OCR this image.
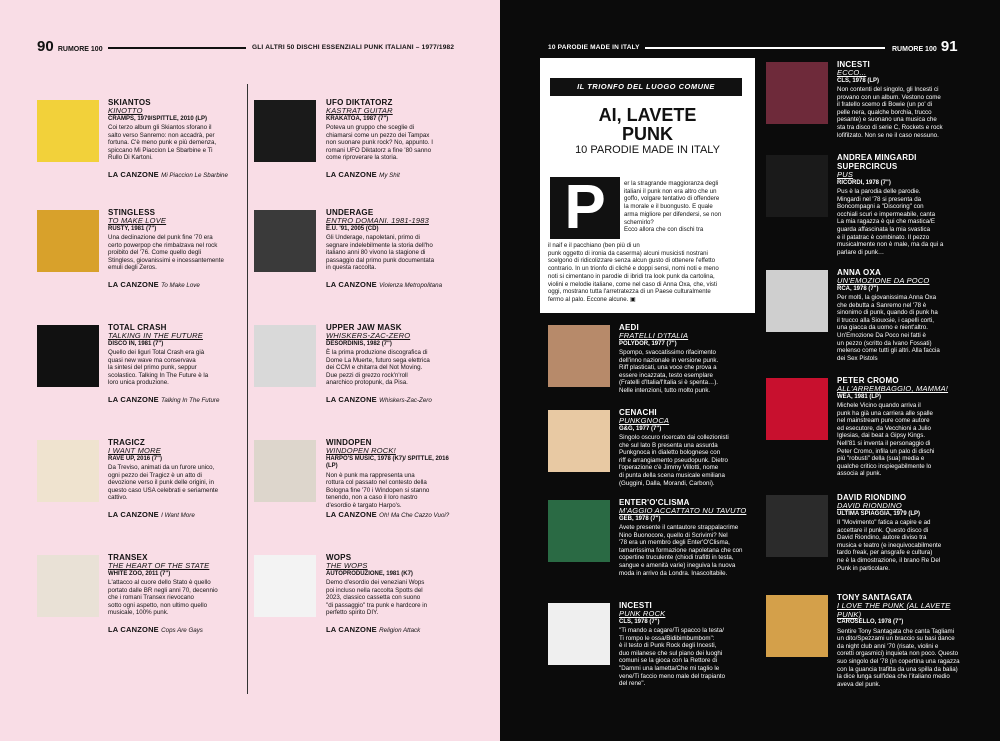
90 RUMORE 100	GLI ALTRI 50 DISCHI ESSENZIALI PUNK ITALIANI – 1977/1982	10 PARODIE MADE IN ITALY	RUMORE 100 91
SKIANTOS
KINOTTO
CRAMPS, 1979/SPITTLE, 2010 (LP)
Coi terzo album gli Skiantos sforano il
salto verso Sanremo: non accadrà, per
fortuna. C'è meno punk e più demenza,
spiccano Mi Piaccion Le Sbarbine e Ti
Rullo Di Kartoni.
LA CANZONE Mi Piaccion Le Sbarbine
STINGLESS
TO MAKE LOVE
RUSTY, 1981 (7")
Una declinazione del punk fine '70 era
certo powerpop che rimbalzava nel rock
proibito del '76. Come quello degli
Stingless, giovanissimi e incessantemente
emuli degli Zeros.
LA CANZONE To Make Love
TOTAL CRASH
TALKING IN THE FUTURE
DISCO IN, 1981 (7")
Quello dei liguri Total Crash era già
quasi new wave ma conservava
la sintesi del primo punk, seppur
scolastico. Talking In The Future è la
loro unica produzione.
LA CANZONE Talking In The Future
TRAGICZ
I WANT MORE
RAVE UP, 2016 (7")
Da Treviso, animati da un furore unico,
ogni pezzo dei Tragicz è un atto di
devozione verso il punk delle origini, in
questo caso USA celebrati e seriamente
cattivo.
LA CANZONE I Want More
TRANSEX
THE HEART OF THE STATE
WHITE ZOO, 2011 (7")
L'attacco al cuore dello Stato è quello
portato dalle BR negli anni 70, decennio
che i romani Transex rievocano
sotto ogni aspetto, non ultimo quello
musicale, 100% punk.
LA CANZONE Cops Are Gays
UFO DIKTATORZ
KASTRAT GUITAR
KRAKATOA, 1987 (7")
Poteva un gruppo che sceglie di
chiamarsi come un pezzo dei Tampax
non suonare punk rock? No, appunto. I
romani UFO Diktatorz a fine '80 sanno
come riproverare la storia.
LA CANZONE My Shit
UNDERAGE
ENTRO DOMANI. 1981-1983
E.U. '91, 2005 (CD)
Gli Underage, napoletani, primo di
segnare indelebilmente la storia dell'ho
italiano anni 80 vivono la stagione di
passaggio dal primo punk documentata
in questa raccolta.
LA CANZONE Violenza Metropolitana
UPPER JAW MASK
WHISKERS-ZAC-ZERO
DESORDINIS, 1982 (7")
È la prima produzione discografica di
Dome La Muerte, futuro sega elettrica
dei CCM e chitarra del Not Moving.
Due pezzi di grezzo rock'n'roll
anarchico protopunk, da Pisa.
LA CANZONE Whiskers-Zac-Zero
WINDOPEN
WINDOPEN ROCK!
HARPO'S MUSIC, 1978 (K7)/ SPITTLE, 2016 (LP)
Non è punk ma rappresenta una
rottura col passato nel contesto della
Bologna fine '70 i Windopen si stanno
tenendo, non a caso il loro nastro
d'esordio è targato Harpo's.
LA CANZONE Oh! Ma Che Cazzo Vuoi?
WOPS
THE WOPS
AUTOPRODUZIONE, 1981 (K7)
Demo d'esordio dei veneziani Wops
poi incluso nella raccolta Spotts del
2023, classico cassetta con suono
"di passaggio" tra punk e hardcore in
perfetto spirito DIY.
LA CANZONE Religion Attack
IL TRIONFO DEL LUOGO COMUNE
AI, LAVETE
PUNK
10 PARODIE MADE IN ITALY
P	er la stragrande maggioranza degli
italiani il punk non era altro che un
goffo, volgare tentativo di offendere
la morale e il buongusto. E quale
arma migliore per difendersi, se non
schernirlo?
Ecco allora che con dischi tra
il naif e il pacchiano (ben più di un
punk oggetto di ironia da caserma) alcuni musicisti nostrani
scelgono di ridicolizzare senza alcun gusto di ottenere l'effetto
contrario. In un trionfo di cliché e doppi sensi, nomi noti e meno
noti si cimentano in parodie di ibridi tra look punk da cartolina,
violini e melodie italiane, come nel caso di Anna Oxa, che, visti
oggi, mostrano tutta l'arretratezza di un Paese culturalmente
fermo al palo. Eccone alcune. ▣
AEDI
FRATELLI D'ITALIA
POLYDOR, 1977 (7")
Spompo, svaccatissimo rifacimento
dell'inno nazionale in versione punk.
Riff plasticati, una voce che prova a
essere incazzata, testo esemplare
(Fratelli d'Italia/l'Italia si è spenta…).
Nelle intenzioni, tutto molto punk.
CENACHI
PUNKGNOCA
G&G, 1977 (7")
Singolo oscuro ricercato dai collezionisti
che sul lato B presenta una assurda
Punkgnoca in dialetto bolognese con
riff e arrangiamento pseudopunk. Dietro
l'operazione c'è Jimmy Villotti, nome
di punta della scena musicale emiliana
(Guggini, Dalla, Morandi, Carboni).
ENTER'O'CLISMA
M'AGGIO ACCATTATO NU TAVUTO
GEB, 1978 (7")
Avete presente il cantautore strappalacrime
Nino Buonocore, quello di Scrivimi? Nel
'78 era un membro degli Enter'O'Clisma,
tamarrissima formazione napoletana che con
copertine truculente (chiodi trafitti in testa,
sangue e amenità varie) ineguiva la nuova
moda in arrivo da Londra. Inascoltabile.
INCESTI
PUNK ROCK
CLS, 1978 (7")
"Ti mando a cagare/Ti spacco la testa/
Ti rompo le ossa/Bidibimbumbom":
è il testo di Punk Rock degli Incesti,
duo milanese che sul piano dei luoghi
comuni se la gioca con la Rettore di
"Dammi una lametta/Che mi taglio le
vene/Ti faccio meno male del trapianto
del rene".
INCESTI
ECCO...
CLS, 1978 (LP)
Non contenti del singolo, gli Incesti ci
provano con un album. Vestono come
il fratello scemo di Bowie (un po' di
pelle nera, qualche borchia, trucco
pesante) e suonano una musica che
sta tra disco di serie C, Rockets e rock
lofifilzato. Non se ne il caso nessuno.
ANDREA MINGARDI SUPERCIRCUS
PUS
RICORDI, 1978 (7")
Pus è la parodia delle parodie.
Mingardi nel '78 si presenta da
Boncompagni a "Discoring" con
occhiali scuri e impermeabile, canta
La mia ragazza è qui che mastica/E
guarda affascinata la mia svastica
e il patatrac è combinato. Il pezzo
musicalmente non è male, ma da qui a
parlare di punk…
ANNA OXA
UN'EMOZIONE DA POCO
RCA, 1978 (7")
Per molti, la giovanissima Anna Oxa
che debutta a Sanremo nel '78 è
sinonimo di punk, quando di punk ha
il trucco alla Siouxsie, i capelli corti,
una giacca da uomo e nient'altro.
Un'Emozione Da Poco nei fatti è
un pezzo (scritto da Ivano Fossati)
melenso come tutti gli altri. Alla faccia
dei Sex Pistols
PETER CROMO
ALL'ARREMBAGGIO, MAMMA!
WEA, 1981 (LP)
Michele Vicino quando arriva il
punk ha già una carriera alle spalle
nel mainstream pure come autore
ed esecutore, da Vecchioni a Julio
Iglesias, dai beat a Gipsy Kings.
Nell'81 si inventa il personaggio di
Peter Cromo, infila un palo di dischi
più "robusti" della (sua) media e
qualche critico inspiegabilmente lo
associa al punk.
DAVID RIONDINO
DAVID RIONDINO
ULTIMA SPIAGGIA, 1979 (LP)
Il "Movimento" fatica a capire e ad
accettare il punk. Questo disco di
David Riondino, autore diviso tra
musica e teatro (e inequivocabilmente
tardo freak, per ansgrafe e cultura)
ne è la dimostrazione, il brano Re Del
Punk in particolare.
TONY SANTAGATA
I LOVE THE PUNK (AL LAVETE PUNK)
CAROSELLO, 1978 (7")
Sentire Tony Santagata che canta Tagliami
un dito/Spezzami un braccio su basi dance
da night club anni '70 (risate, violini e
coretti orgasmici) inquieta non poco. Questo
suo singolo del '78 (in copertina una ragazza
con la guancia trafitta da una spilla da balia)
la dice lunga sull'idea che l'italiano medio
aveva del punk.
